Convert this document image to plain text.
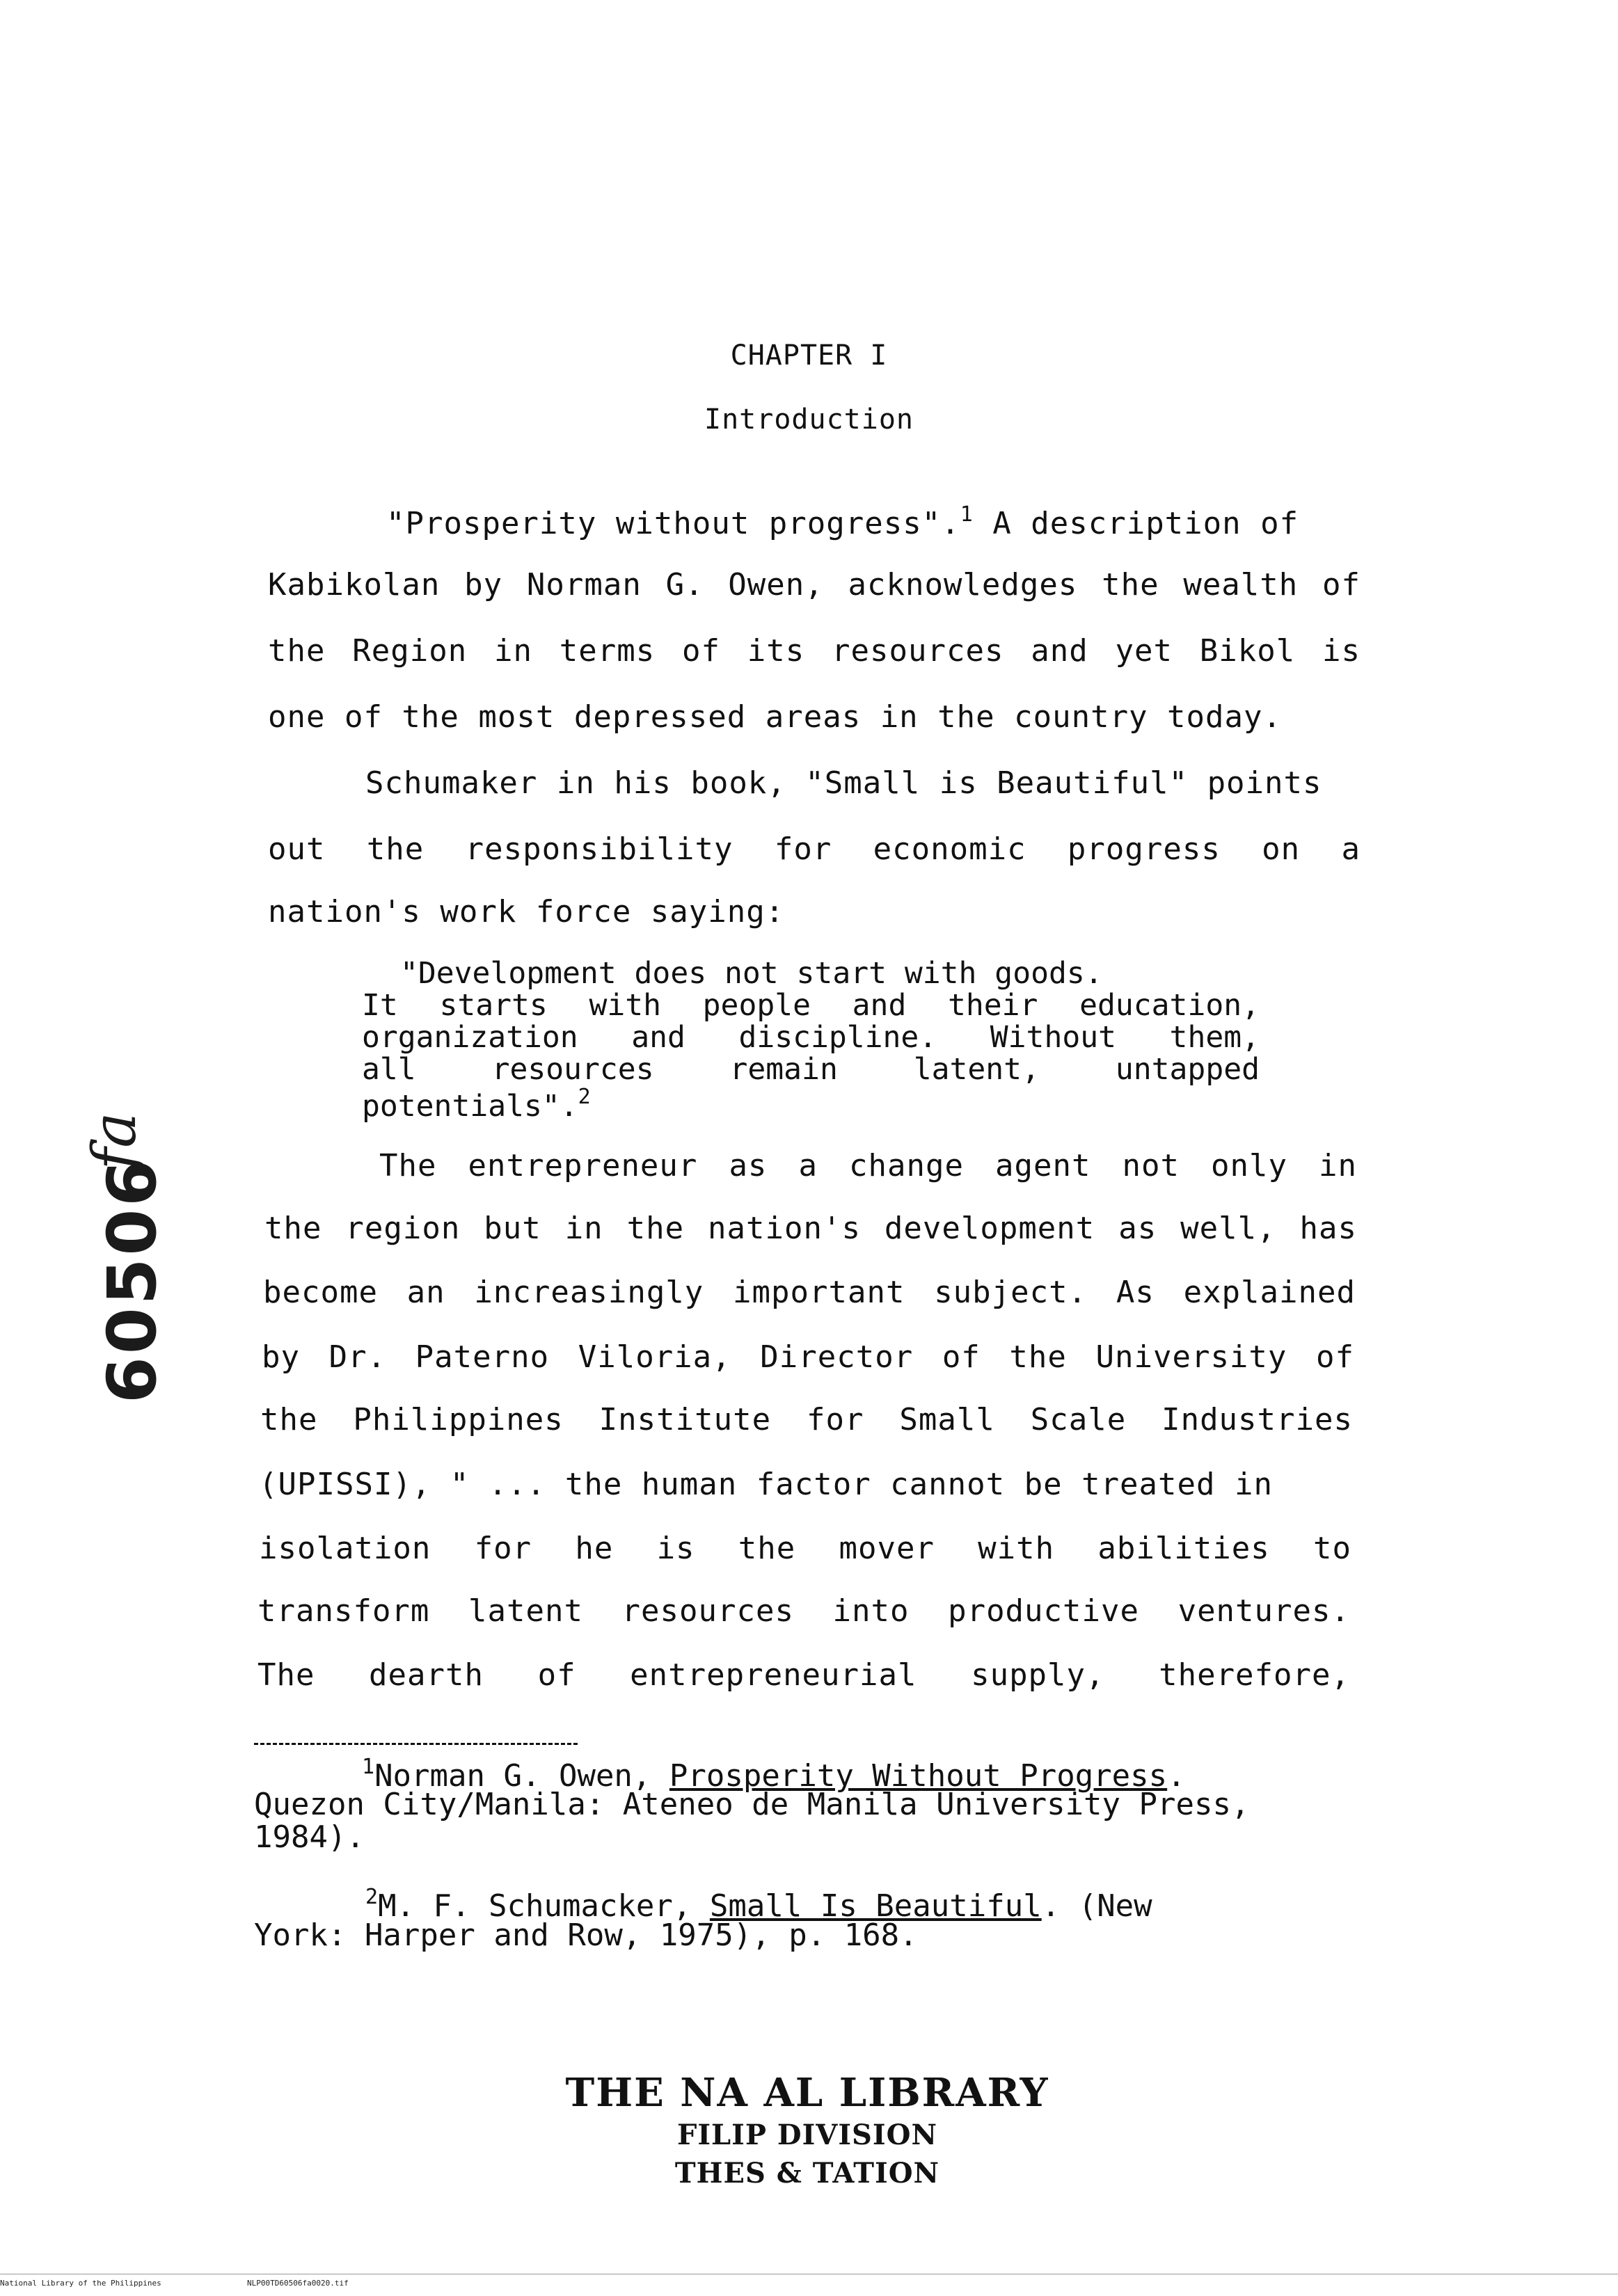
CHAPTER I
Introduction
"Prosperity without progress".$^1$ A description of
Kabikolan by Norman G. Owen, acknowledges the wealth of
the Region in terms of its resources and yet Bikol is
one of the most depressed areas in the country today.
Schumaker in his book, "Small is Beautiful" points
out the responsibility for economic progress on a
nation's work force saying:
"Development does not start with goods.
It starts with people and their education,
organization and discipline. Without them,
all resources remain latent, untapped
potentials".$^2$
The entrepreneur as a change agent not only in
the region but in the nation's development as well, has
become an increasingly important subject. As explained
by Dr. Paterno Viloria, Director of the University of
the Philippines Institute for Small Scale Industries
(UPISSI), " ... the human factor cannot be treated in
isolation for he is the mover with abilities to
transform latent resources into productive ventures.
The dearth of entrepreneurial supply, therefore,
$^1$Norman G. Owen, Prosperity Without Progress.
Quezon City/Manila: Ateneo de Manila University Press,
1984).
$^2$M. F. Schumacker, Small Is Beautiful. (New
York: Harper and Row, 1975), p. 168.
60506
fa
THE NA AL LIBRARY
FILIP DIVISION
THES & TATION
National Library of the Philippines	NLP00TD60506fa0020.tif
